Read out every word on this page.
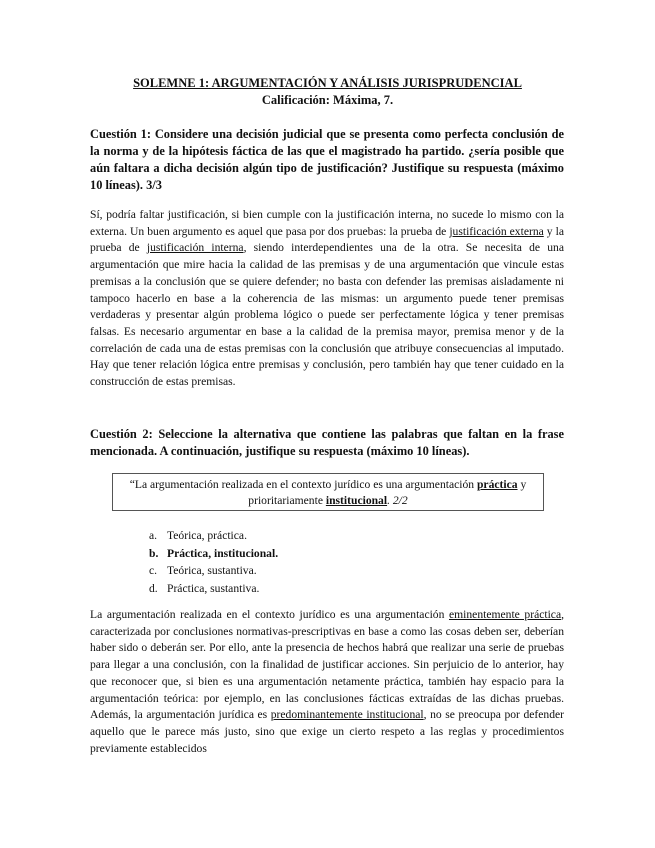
SOLEMNE 1: ARGUMENTACIÓN Y ANÁLISIS JURISPRUDENCIAL
Calificación: Máxima, 7.
Cuestión 1: Considere una decisión judicial que se presenta como perfecta conclusión de la norma y de la hipótesis fáctica de las que el magistrado ha partido. ¿sería posible que aún faltara a dicha decisión algún tipo de justificación? Justifique su respuesta (máximo 10 líneas). 3/3
Sí, podría faltar justificación, si bien cumple con la justificación interna, no sucede lo mismo con la externa. Un buen argumento es aquel que pasa por dos pruebas: la prueba de justificación externa y la prueba de justificación interna, siendo interdependientes una de la otra. Se necesita de una argumentación que mire hacia la calidad de las premisas y de una argumentación que vincule estas premisas a la conclusión que se quiere defender; no basta con defender las premisas aisladamente ni tampoco hacerlo en base a la coherencia de las mismas: un argumento puede tener premisas verdaderas y presentar algún problema lógico o puede ser perfectamente lógica y tener premisas falsas. Es necesario argumentar en base a la calidad de la premisa mayor, premisa menor y de la correlación de cada una de estas premisas con la conclusión que atribuye consecuencias al imputado. Hay que tener relación lógica entre premisas y conclusión, pero también hay que tener cuidado en la construcción de estas premisas.
Cuestión 2: Seleccione la alternativa que contiene las palabras que faltan en la frase mencionada. A continuación, justifique su respuesta (máximo 10 líneas).
“La argumentación realizada en el contexto jurídico es una argumentación práctica y prioritariamente institucional. 2/2
a. Teórica, práctica.
b. Práctica, institucional.
c. Teórica, sustantiva.
d. Práctica, sustantiva.
La argumentación realizada en el contexto jurídico es una argumentación eminentemente práctica, caracterizada por conclusiones normativas-prescriptivas en base a como las cosas deben ser, deberían haber sido o deberán ser. Por ello, ante la presencia de hechos habrá que realizar una serie de pruebas para llegar a una conclusión, con la finalidad de justificar acciones. Sin perjuicio de lo anterior, hay que reconocer que, si bien es una argumentación netamente práctica, también hay espacio para la argumentación teórica: por ejemplo, en las conclusiones fácticas extraídas de las dichas pruebas. Además, la argumentación jurídica es predominantemente institucional, no se preocupa por defender aquello que le parece más justo, sino que exige un cierto respeto a las reglas y procedimientos previamente establecidos
